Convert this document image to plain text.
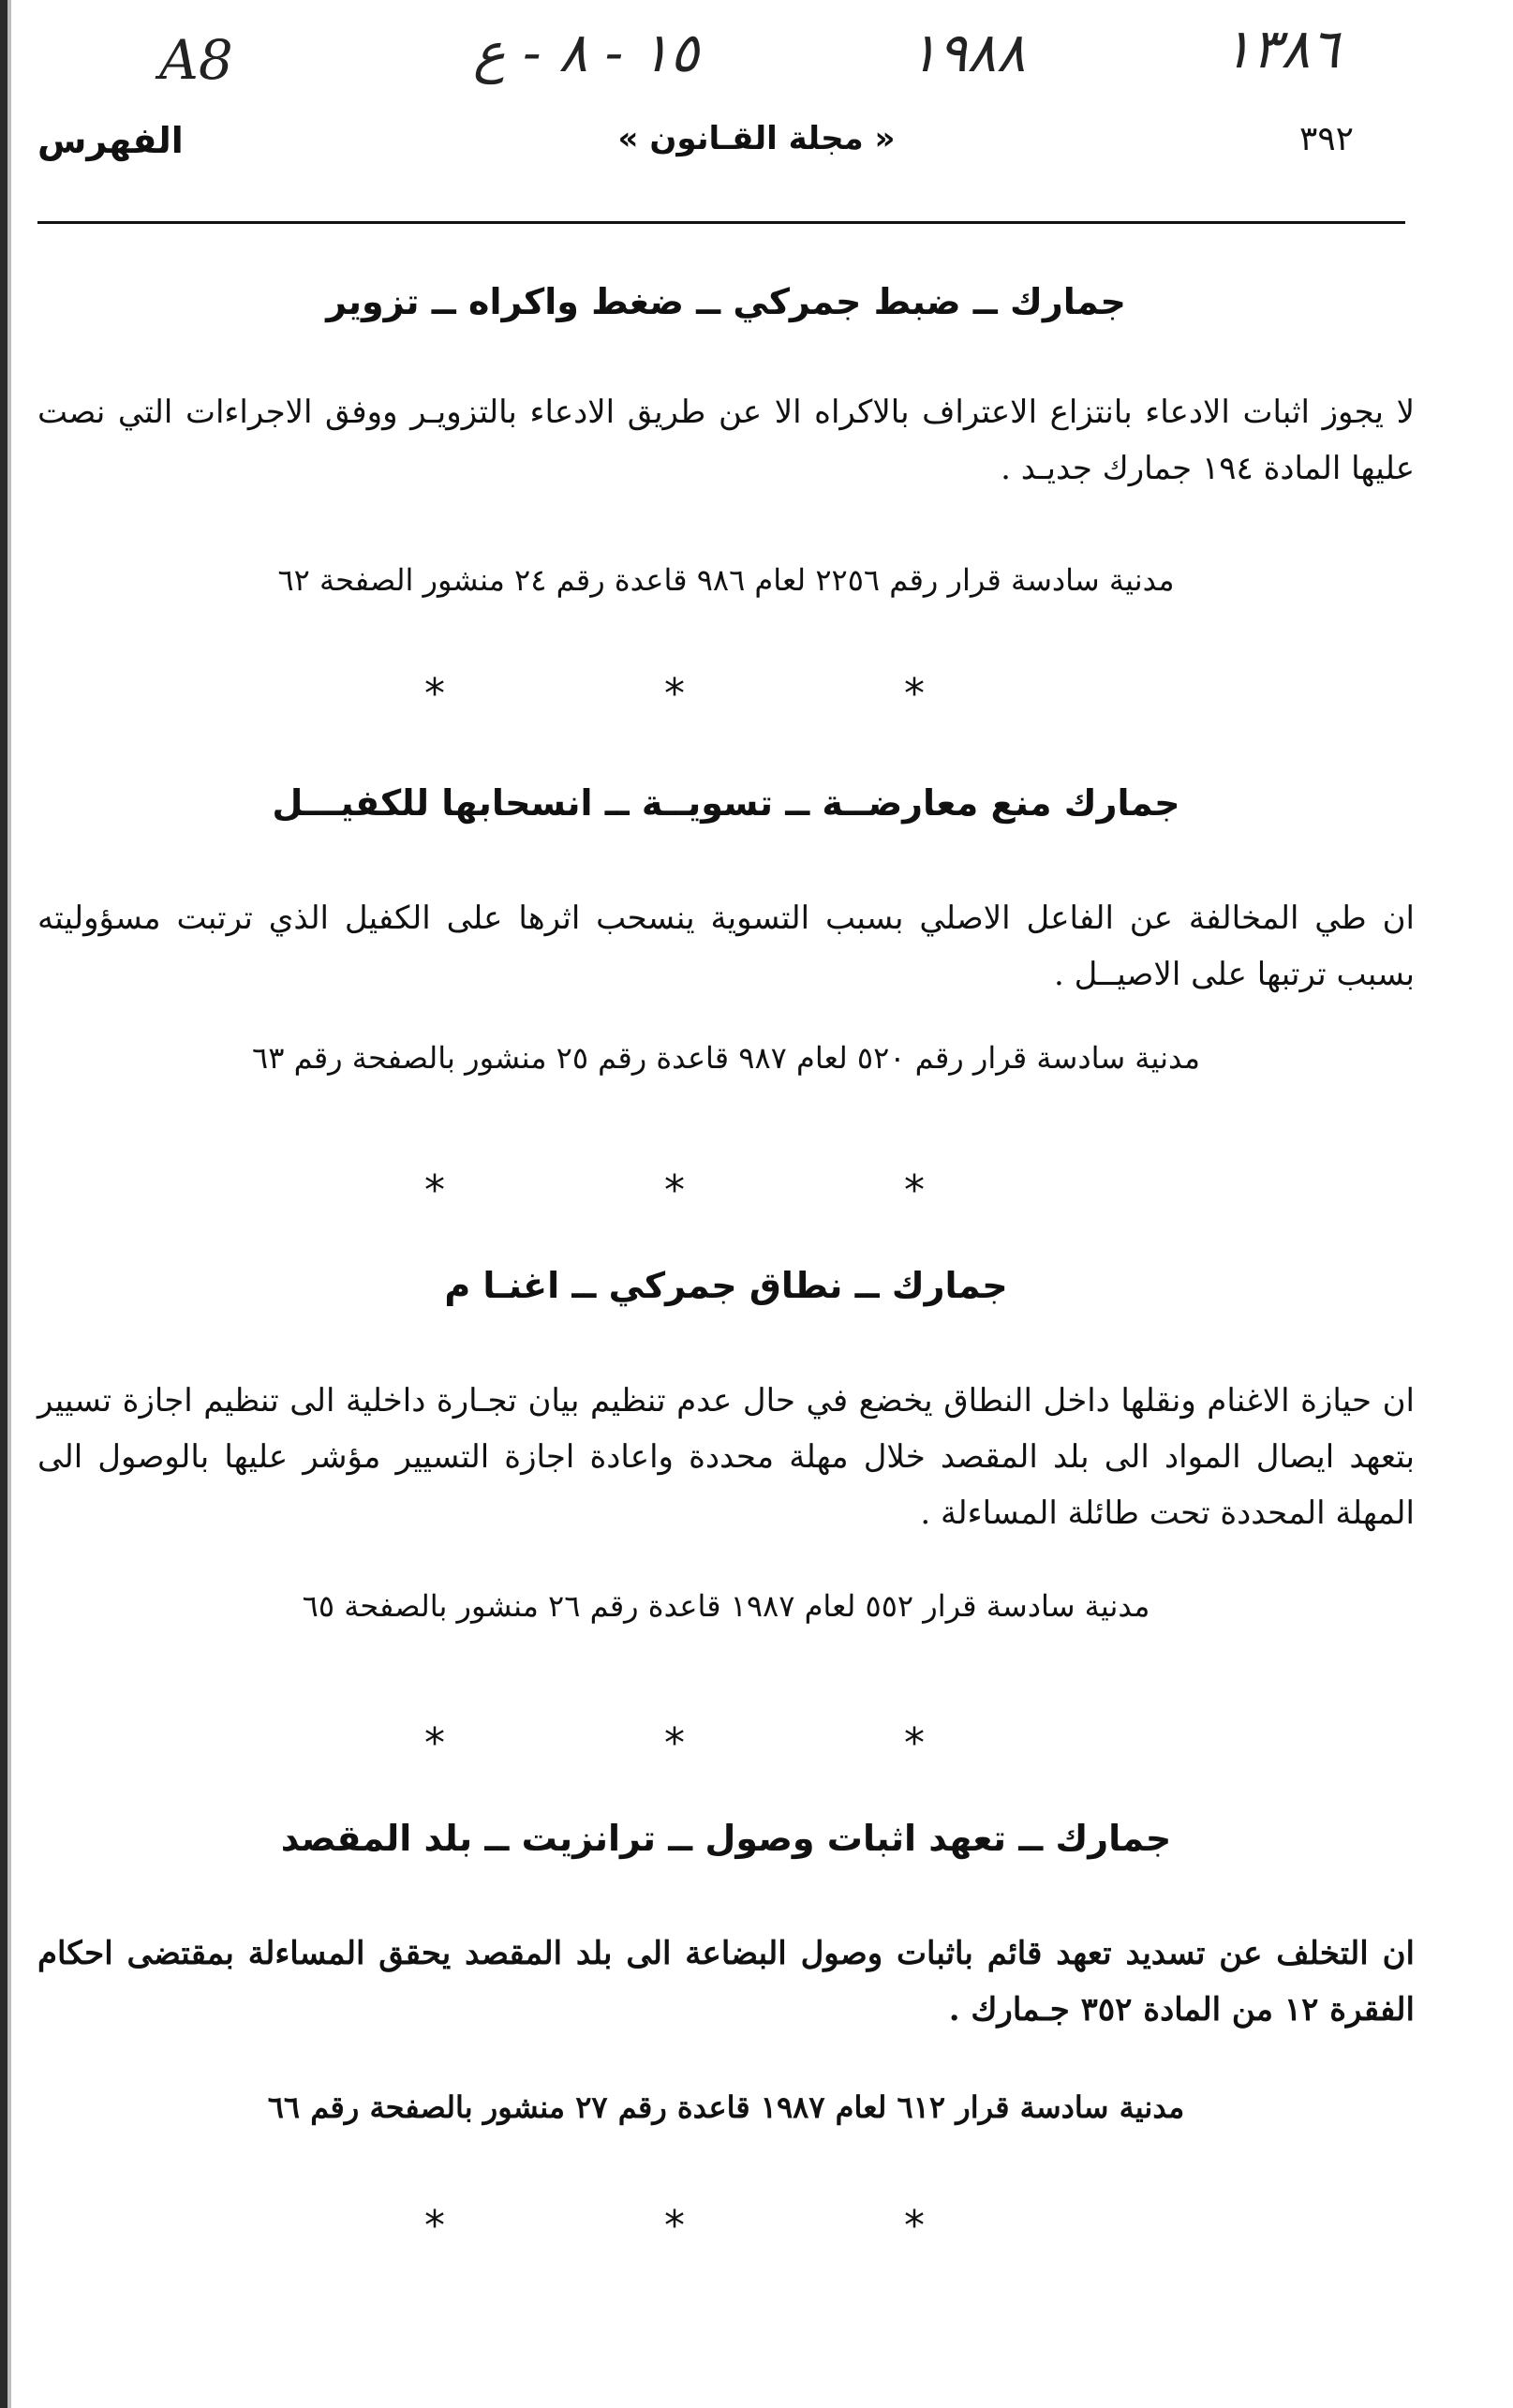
A8	١٥ - ٨ - ع	١٩٨٨	١٣٨٦
الفهرس	« مجلة القـانون »	٣٩٢
جمارك ــ ضبط جمركي ــ ضغط واكراه ــ تزوير
لا يجوز اثبات الادعاء بانتزاع الاعتراف بالاكراه الا عن طريق الادعاء بالتزويـر ووفق الاجراءات التي نصت عليها المادة ١٩٤ جمارك جديـد .
مدنية سادسة قرار رقم ٢٢٥٦ لعام ٩٨٦ قاعدة رقم ٢٤ منشور الصفحة ٦٢
* * *
جمارك منع معارضــة ــ تسويــة ــ انسحابها للكفيـــل
ان طي المخالفة عن الفاعل الاصلي بسبب التسوية ينسحب اثرها على الكفيل الذي ترتبت مسؤوليته بسبب ترتبها على الاصيــل .
مدنية سادسة قرار رقم ٥٢٠ لعام ٩٨٧ قاعدة رقم ٢٥ منشور بالصفحة رقم ٦٣
* * *
جمارك ــ نطاق جمركي ــ اغنـا م
ان حيازة الاغنام ونقلها داخل النطاق يخضع في حال عدم تنظيم بيان تجـارة داخلية الى تنظيم اجازة تسيير بتعهد ايصال المواد الى بلد المقصد خلال مهلة محددة واعادة اجازة التسيير مؤشر عليها بالوصول الى المهلة المحددة تحت طائلة المساءلة .
مدنية سادسة قرار ٥٥٢ لعام ١٩٨٧ قاعدة رقم ٢٦ منشور بالصفحة ٦٥
* * *
جمارك ــ تعهد اثبات وصول ــ ترانزيت ــ بلد المقصد
ان التخلف عن تسديد تعهد قائم باثبات وصول البضاعة الى بلد المقصد يحقق المساءلة بمقتضى احكام الفقرة ١٢ من المادة ٣٥٢ جـمارك .
مدنية سادسة قرار ٦١٢ لعام ١٩٨٧ قاعدة رقم ٢٧ منشور بالصفحة رقم ٦٦
* * *
